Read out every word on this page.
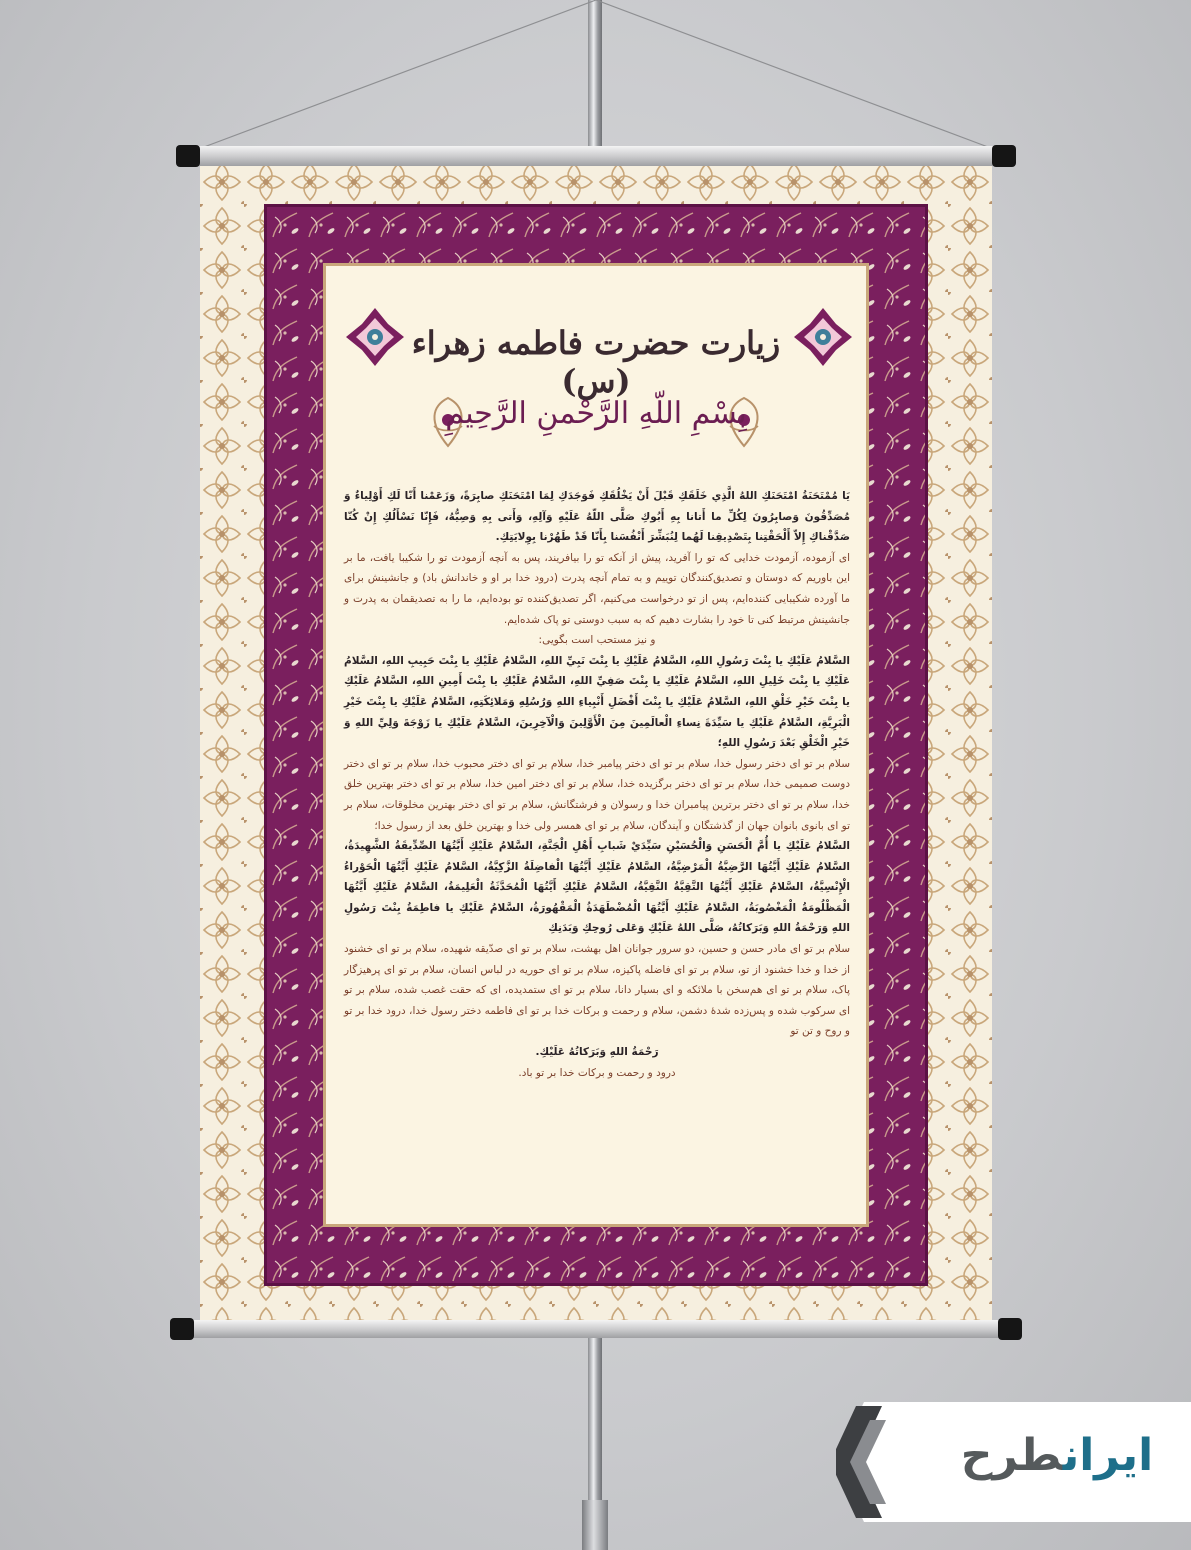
زیارت حضرت فاطمه زهراء (س)
بِسْمِ اللّهِ الرَّحْمنِ الرَّحِيمِ
يَا مُمْتَحَنَةُ امْتَحَنَكِ اللهُ الَّذِي خَلَقَكِ قَبْلَ أَنْ يَخْلُقَكِ فَوَجَدَكِ لِمَا امْتَحَنَكِ صابِرَةً، وَزَعَمْنا أَنّا لَكِ أَوْلِياءٌ وَ مُصَدِّقُونَ وَصابِرُونَ لِكُلِّ ما أَتانا بِهِ أَبُوكِ صَلَّى اللّهُ عَلَيْهِ وَآلِهِ، وَأَتى بِهِ وَصِيُّهُ، فَإِنّا نَسْأَلُكِ إِنْ كُنّا صَدَّقْناكِ إِلاّ أَلْحَقْتِنا بِتَصْدِيقِنا لَهُما لِنُبَشِّرَ أَنْفُسَنا بِأَنّا قَدْ طَهُرْنا بِوِلايَتِكِ.
ای آزموده، آزمودت خدایی که تو را آفرید، پیش از آنکه تو را بیافریند، پس به آنچه آزمودت تو را شکیبا یافت، ما بر این باوریم که دوستان و تصدیق‌کنندگان توییم و به تمام آنچه پدرت (درود خدا بر او و خاندانش باد) و جانشینش برای ما آورده شکیبایی کننده‌ایم، پس از تو درخواست می‌کنیم، اگر تصدیق‌کننده تو بوده‌ایم، ما را به تصدیقمان به پدرت و جانشینش مرتبط کنی تا خود را بشارت دهیم که به سبب دوستی تو پاک شده‌ایم.
و نیز مستحب است بگویی:
السَّلامُ عَلَيْكِ يا بِنْتَ رَسُولِ اللهِ، السَّلامُ عَلَيْكِ يا بِنْتَ نَبِيِّ اللهِ، السَّلامُ عَلَيْكِ يا بِنْتَ حَبِيبِ اللهِ، السَّلامُ عَلَيْكِ يا بِنْتَ خَلِيلِ اللهِ، السَّلامُ عَلَيْكِ يا بِنْتَ صَفِيِّ اللهِ، السَّلامُ عَلَيْكِ يا بِنْتَ أَمِينِ اللهِ، السَّلامُ عَلَيْكِ يا بِنْتَ خَيْرِ خَلْقِ اللهِ، السَّلامُ عَلَيْكِ يا بِنْتَ أَفْضَلِ أَنْبِياءِ اللهِ وَرُسُلِهِ وَمَلائِكَتِهِ، السَّلامُ عَلَيْكِ يا بِنْتَ خَيْرِ الْبَرِيَّةِ، السَّلامُ عَلَيْكِ يا سَيِّدَةَ نِساءِ الْعالَمِينَ مِنَ الْأَوَّلِينَ وَالْآخِرِينَ، السَّلامُ عَلَيْكِ يا زَوْجَةَ وَلِيِّ اللهِ وَ خَيْرِ الْخَلْقِ بَعْدَ رَسُولِ اللهِ؛
سلام بر تو ای دختر رسول خدا، سلام بر تو ای دختر پیامبر خدا، سلام بر تو ای دختر محبوب خدا، سلام بر تو ای دختر دوست صمیمی خدا، سلام بر تو ای دختر برگزیده خدا، سلام بر تو ای دختر امین خدا، سلام بر تو ای دختر بهترین خلق خدا، سلام بر تو ای دختر برترین پیامبران خدا و رسولان و فرشتگانش، سلام بر تو ای دختر بهترین مخلوقات، سلام بر تو ای بانوی بانوان جهان از گذشتگان و آیندگان، سلام بر تو ای همسر ولی خدا و بهترین خلق بعد از رسول خدا؛
السَّلامُ عَلَيْكِ يا أُمَّ الْحَسَنِ وَالْحُسَيْنِ سَيِّدَيْ شَبابِ أَهْلِ الْجَنَّةِ، السَّلامُ عَلَيْكِ أَيَّتُهَا الصِّدِّيقَةُ الشَّهِيدَةُ، السَّلامُ عَلَيْكِ أَيَّتُهَا الرَّضِيَّةُ الْمَرْضِيَّةُ، السَّلامُ عَلَيْكِ أَيَّتُهَا الْفاضِلَةُ الزَّكِيَّةُ، السَّلامُ عَلَيْكِ أَيَّتُهَا الْحَوْراءُ الْإِنْسِيَّةُ، السَّلامُ عَلَيْكِ أَيَّتُهَا التَّقِيَّةُ النَّقِيَّةُ، السَّلامُ عَلَيْكِ أَيَّتُهَا الْمُحَدَّثَةُ الْعَلِيمَةُ، السَّلامُ عَلَيْكِ أَيَّتُهَا الْمَظْلُومَةُ الْمَغْصُوبَةُ، السَّلامُ عَلَيْكِ أَيَّتُهَا الْمُضْطَهَدَةُ الْمَقْهُورَةُ، السَّلامُ عَلَيْكِ يا فاطِمَةُ بِنْتَ رَسُولِ اللهِ وَرَحْمَةُ اللهِ وَبَرَكاتُهُ، صَلَّى اللهُ عَلَيْكِ وَعَلى رُوحِكِ وَبَدَنِكِ
سلام بر تو ای مادر حسن و حسین، دو سرور جوانان اهل بهشت، سلام بر تو ای صدّیقه شهیده، سلام بر تو ای خشنود از خدا و خدا خشنود از تو، سلام بر تو ای فاضله پاکیزه، سلام بر تو ای حوریه در لباس انسان، سلام بر تو ای پرهیزگار پاک، سلام بر تو ای هم‌سخن با ملائکه و ای بسیار دانا، سلام بر تو ای ستمدیده، ای که حقت غصب شده، سلام بر تو ای سرکوب شده و پس‌زده شدهٔ دشمن، سلام و رحمت و برکات خدا بر تو ای فاطمه دختر رسول خدا، درود خدا بر تو و روح و تن تو
رَحْمَةُ اللهِ وَبَرَكاتُهُ عَلَيْكِ.
درود و رحمت و برکات خدا بر تو باد.
ایرانطرح
